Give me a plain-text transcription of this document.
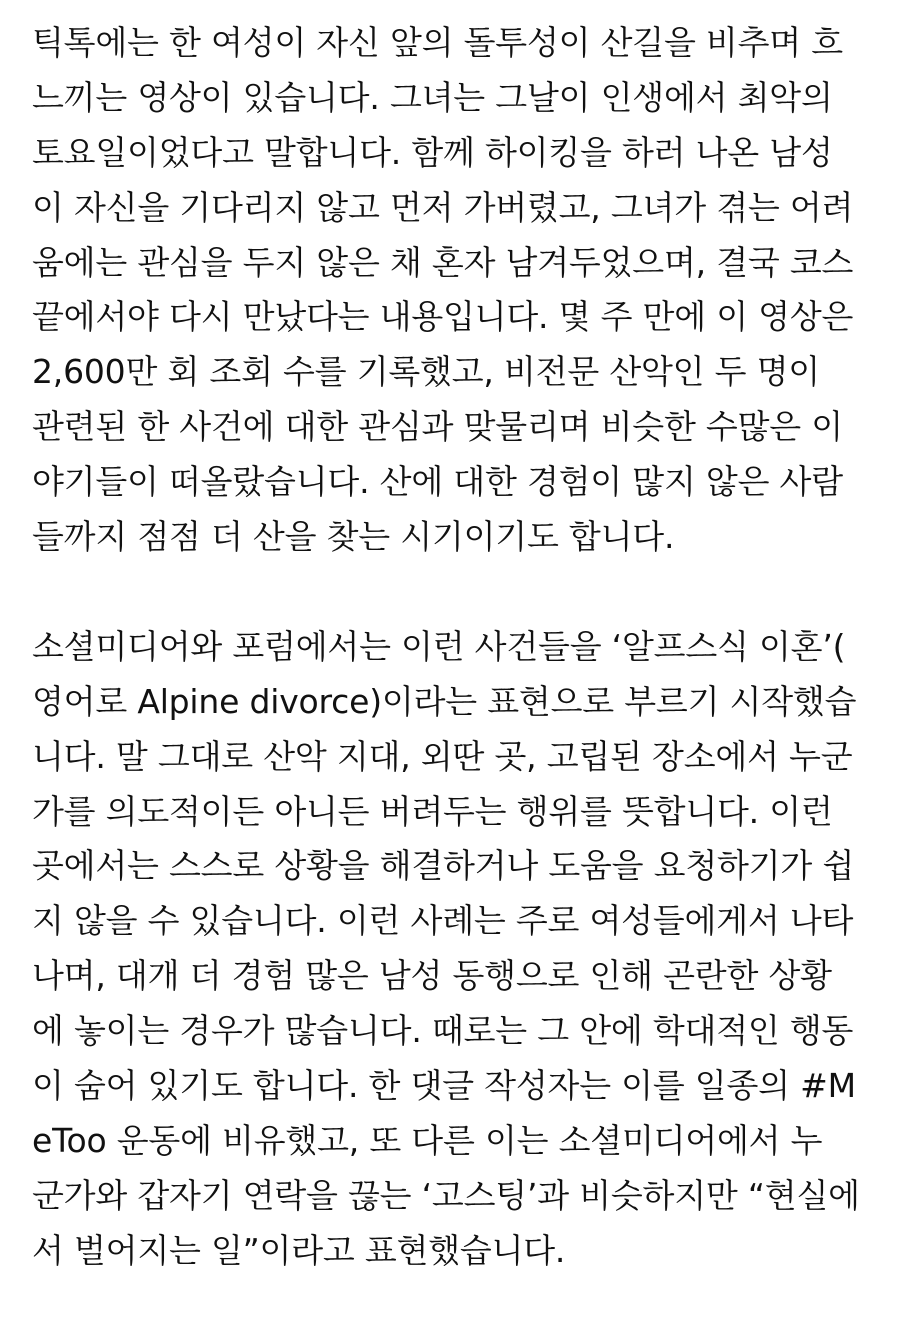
틱톡에는 한 여성이 자신 앞의 돌투성이 산길을 비추며 흐
느끼는 영상이 있습니다. 그녀는 그날이 인생에서 최악의
토요일이었다고 말합니다. 함께 하이킹을 하러 나온 남성
이 자신을 기다리지 않고 먼저 가버렸고, 그녀가 겪는 어려
움에는 관심을 두지 않은 채 혼자 남겨두었으며, 결국 코스
끝에서야 다시 만났다는 내용입니다. 몇 주 만에 이 영상은
2,600만 회 조회 수를 기록했고, 비전문 산악인 두 명이
관련된 한 사건에 대한 관심과 맞물리며 비슷한 수많은 이
야기들이 떠올랐습니다. 산에 대한 경험이 많지 않은 사람
들까지 점점 더 산을 찾는 시기이기도 합니다.

소셜미디어와 포럼에서는 이런 사건들을 ‘알프스식 이혼’(
영어로 Alpine divorce)이라는 표현으로 부르기 시작했습
니다. 말 그대로 산악 지대, 외딴 곳, 고립된 장소에서 누군
가를 의도적이든 아니든 버려두는 행위를 뜻합니다. 이런
곳에서는 스스로 상황을 해결하거나 도움을 요청하기가 쉽
지 않을 수 있습니다. 이런 사례는 주로 여성들에게서 나타
나며, 대개 더 경험 많은 남성 동행으로 인해 곤란한 상황
에 놓이는 경우가 많습니다. 때로는 그 안에 학대적인 행동
이 숨어 있기도 합니다. 한 댓글 작성자는 이를 일종의 #M
eToo 운동에 비유했고, 또 다른 이는 소셜미디어에서 누
군가와 갑자기 연락을 끊는 ‘고스팅’과 비슷하지만 “현실에
서 벌어지는 일”이라고 표현했습니다.
